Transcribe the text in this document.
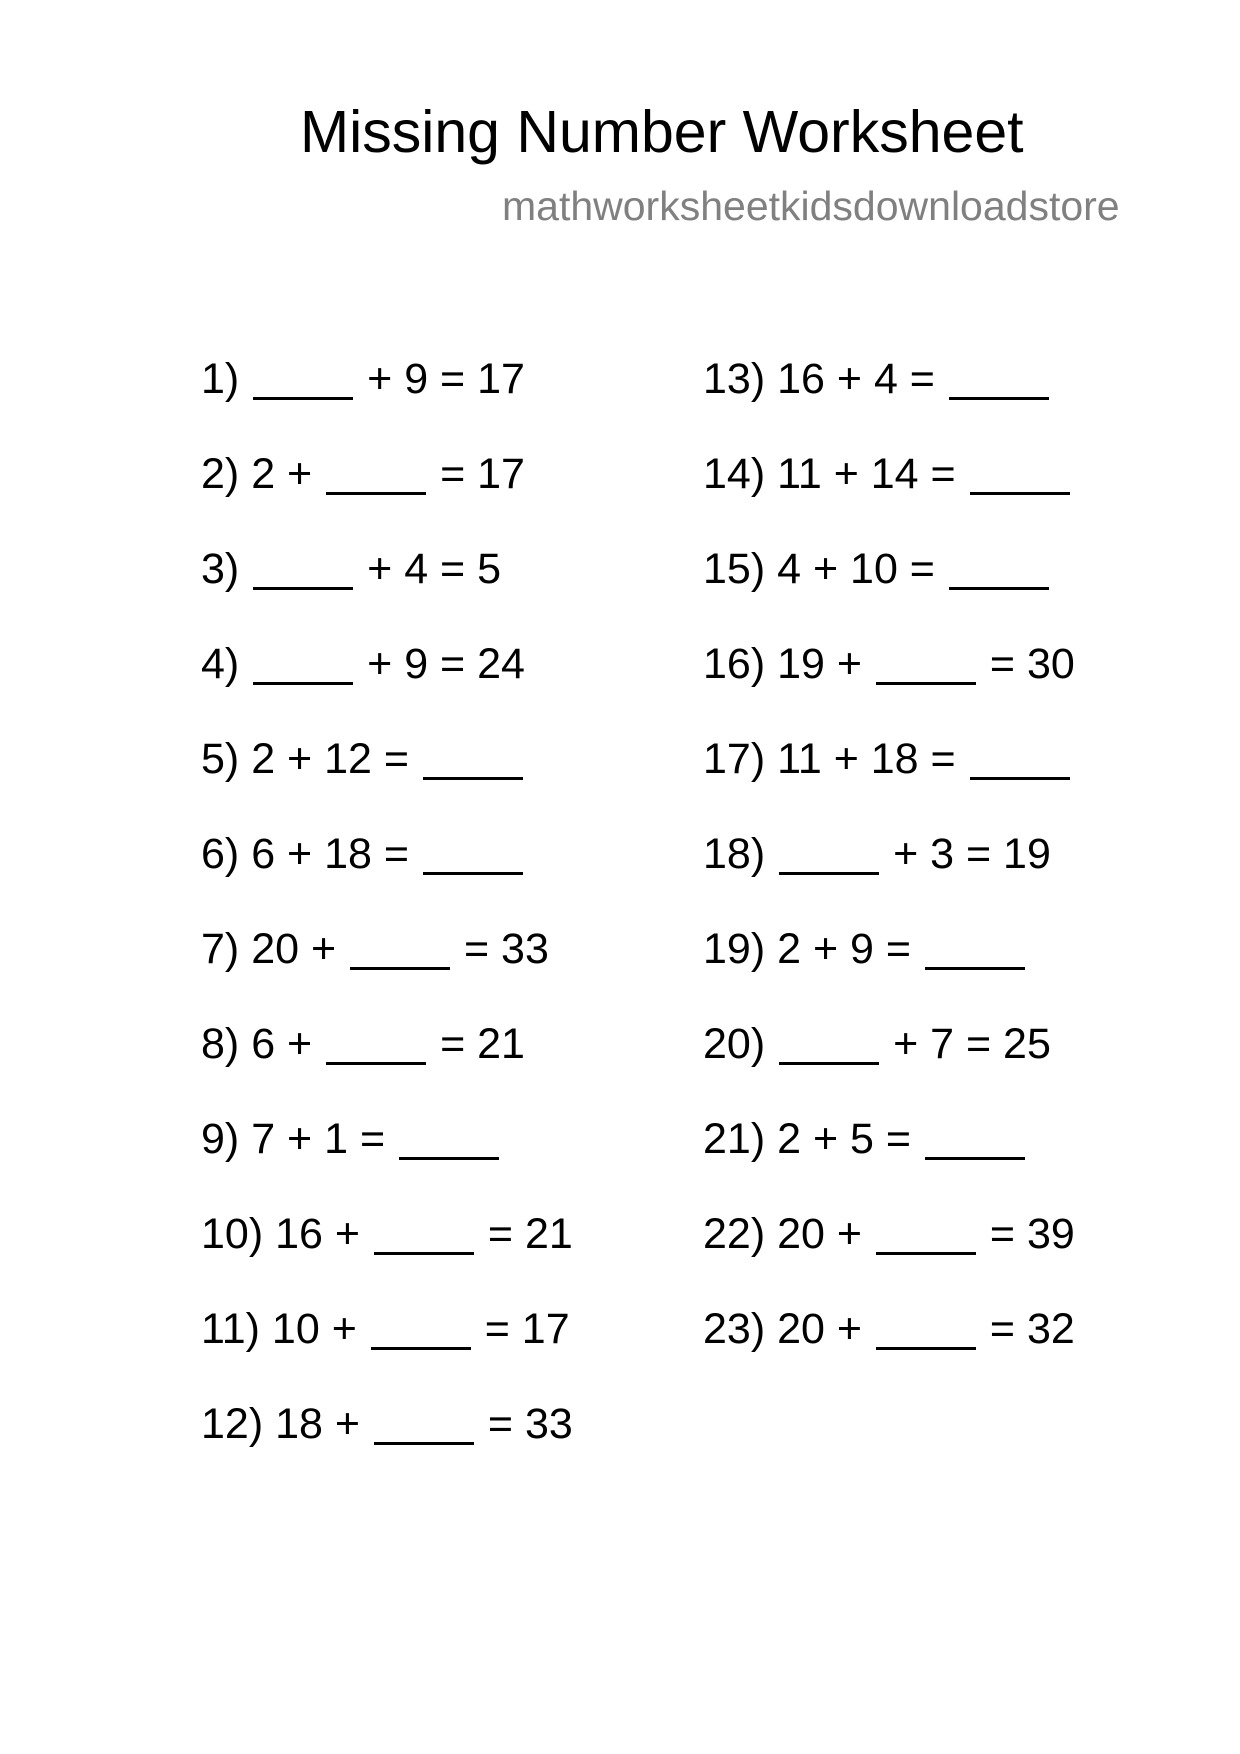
Missing Number Worksheet
mathworksheetkidsdownloadstore
1)	+ 9 = 17
2) 2 +	= 17
3)	+ 4 = 5
4)	+ 9 = 24
5) 2 + 12 =
6) 6 + 18 =
7) 20 +	= 33
8) 6 +	= 21
9) 7 + 1 =
10) 16 +	= 21
11) 10 +	= 17
12) 18 +	= 33
13) 16 + 4 =
14) 11 + 14 =
15) 4 + 10 =
16) 19 +	= 30
17) 11 + 18 =
18)	+ 3 = 19
19) 2 + 9 =
20)	+ 7 = 25
21) 2 + 5 =
22) 20 +	= 39
23) 20 +	= 32
